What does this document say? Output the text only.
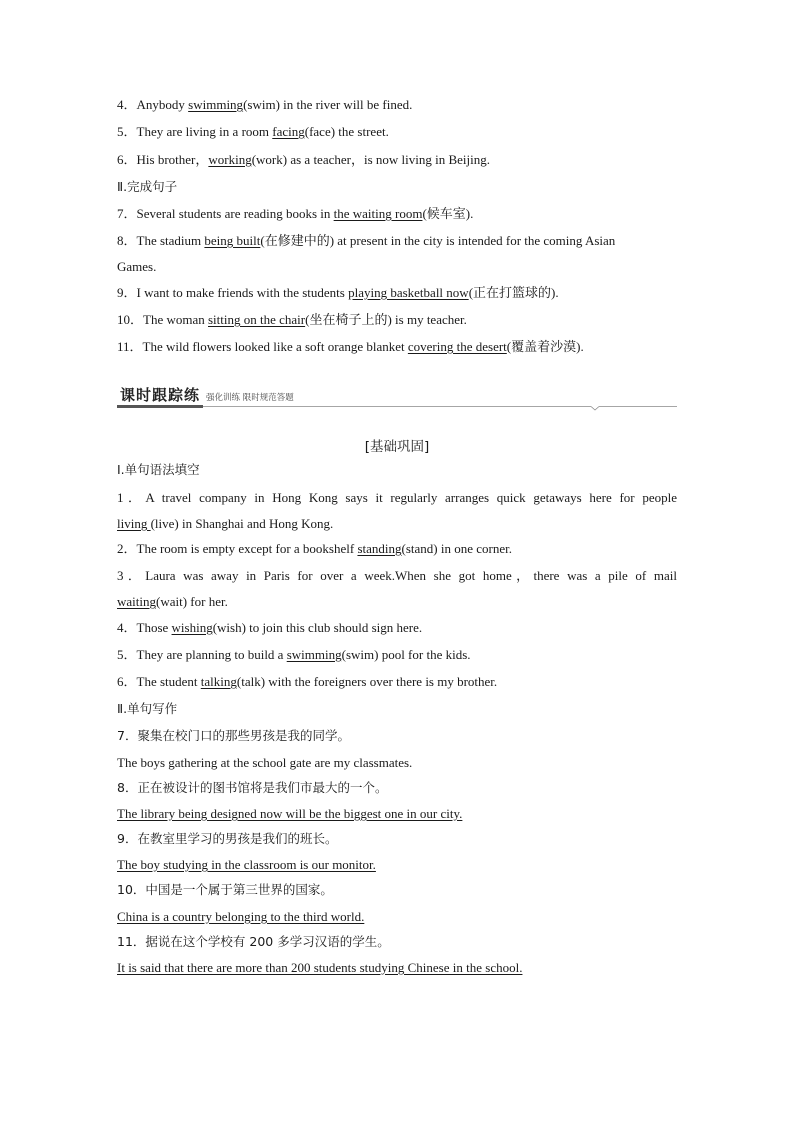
4．Anybody swimming(swim) in the river will be fined.
5．They are living in a room facing(face) the street.
6．His brother，working(work) as a teacher，is now living in Beijing.
Ⅱ.完成句子
7．Several students are reading books in the waiting room(候车室).
8．The stadium being built(在修建中的) at present in the city is intended for the coming Asian
Games.
9．I want to make friends with the students playing basketball now(正在打篮球的).
10．The woman sitting on the chair(坐在椅子上的) is my teacher.
11．The wild flowers looked like a soft orange blanket covering the desert(覆盖着沙漠).
课时跟踪练 强化训练 限时规范答题
[基础巩固]
Ⅰ.单句语法填空
1．A travel company in Hong Kong says it regularly arranges quick getaways here for people
living (live) in Shanghai and Hong Kong.
2．The room is empty except for a bookshelf standing(stand) in one corner.
3．Laura was away in Paris for over a week.When she got home，there was a pile of mail
waiting(wait) for her.
4．Those wishing(wish) to join this club should sign here.
5．They are planning to build a swimming(swim) pool for the kids.
6．The student talking(talk) with the foreigners over there is my brother.
Ⅱ.单句写作
7．聚集在校门口的那些男孩是我的同学。
The boys gathering at the school gate are my classmates.
8．正在被设计的图书馆将是我们市最大的一个。
The library being designed now will be the biggest one in our city.
9．在教室里学习的男孩是我们的班长。
The boy studying in the classroom is our monitor.
10．中国是一个属于第三世界的国家。
China is a country belonging to the third world.
11．据说在这个学校有 200 多学习汉语的学生。
It is said that there are more than 200 students studying Chinese in the school.
